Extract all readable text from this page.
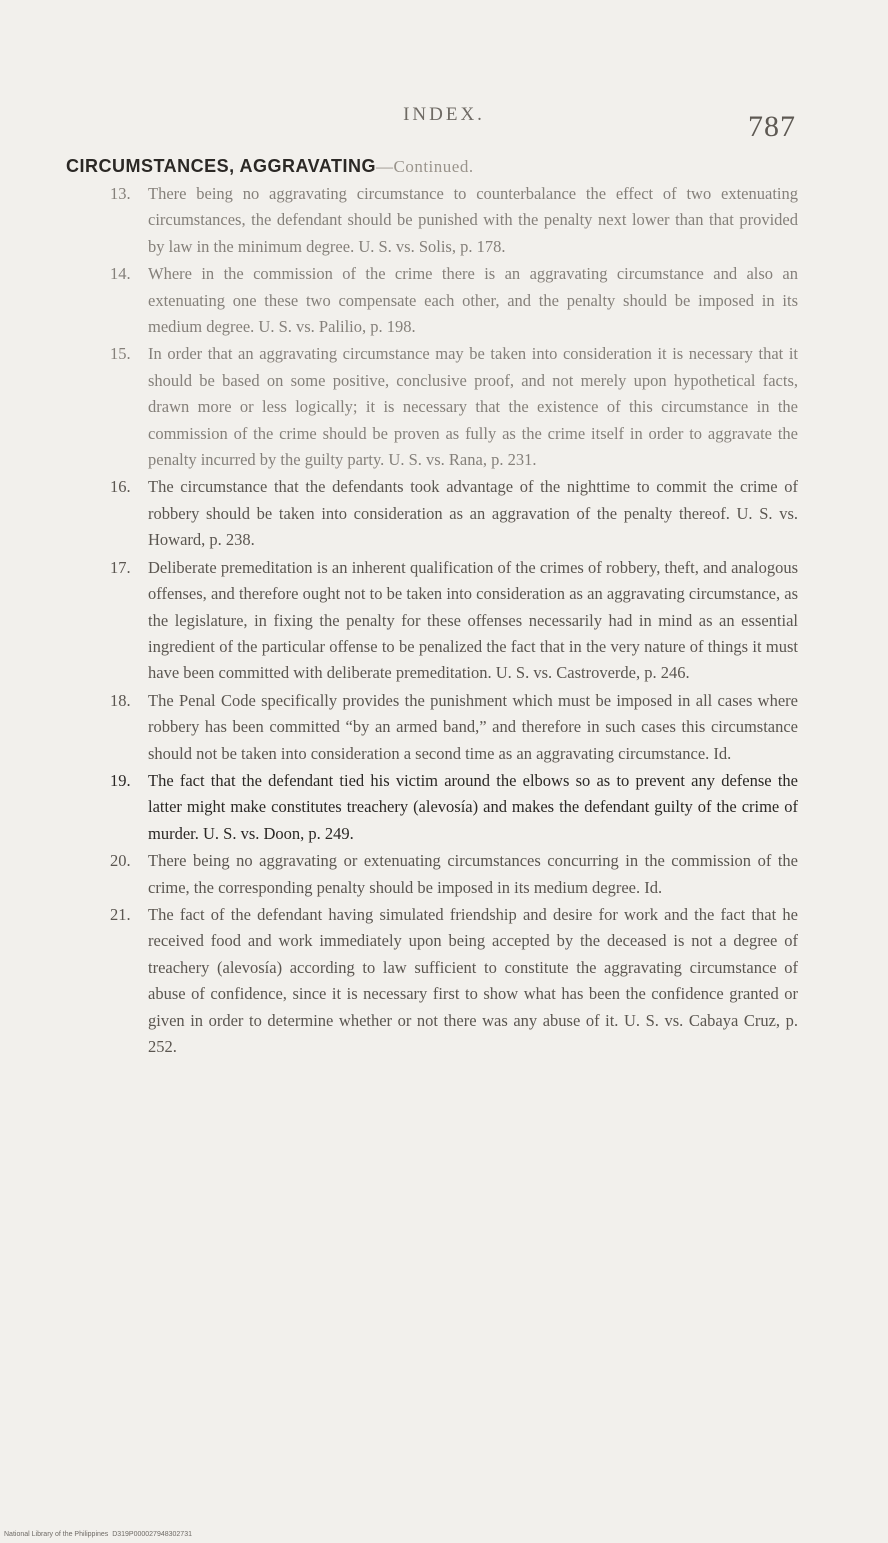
INDEX.	787
CIRCUMSTANCES, AGGRAVATING—Continued.
13. There being no aggravating circumstance to counterbalance the effect of two extenuating circumstances, the defendant should be punished with the penalty next lower than that provided by law in the minimum degree. U. S. vs. Solis, p. 178.
14. Where in the commission of the crime there is an aggravating circumstance and also an extenuating one these two compensate each other, and the penalty should be imposed in its medium degree. U. S. vs. Palilio, p. 198.
15. In order that an aggravating circumstance may be taken into consideration it is necessary that it should be based on some positive, conclusive proof, and not merely upon hypothetical facts, drawn more or less logically; it is necessary that the existence of this circumstance in the commission of the crime should be proven as fully as the crime itself in order to aggravate the penalty incurred by the guilty party. U. S. vs. Rana, p. 231.
16. The circumstance that the defendants took advantage of the nighttime to commit the crime of robbery should be taken into consideration as an aggravation of the penalty thereof. U. S. vs. Howard, p. 238.
17. Deliberate premeditation is an inherent qualification of the crimes of robbery, theft, and analogous offenses, and therefore ought not to be taken into consideration as an aggravating circumstance, as the legislature, in fixing the penalty for these offenses necessarily had in mind as an essential ingredient of the particular offense to be penalized the fact that in the very nature of things it must have been committed with deliberate premeditation. U. S. vs. Castroverde, p. 246.
18. The Penal Code specifically provides the punishment which must be imposed in all cases where robbery has been committed “by an armed band,” and therefore in such cases this circumstance should not be taken into consideration a second time as an aggravating circumstance. Id.
19. The fact that the defendant tied his victim around the elbows so as to prevent any defense the latter might make constitutes treachery (alevosía) and makes the defendant guilty of the crime of murder. U. S. vs. Doon, p. 249.
20. There being no aggravating or extenuating circumstances concurring in the commission of the crime, the corresponding penalty should be imposed in its medium degree. Id.
21. The fact of the defendant having simulated friendship and desire for work and the fact that he received food and work immediately upon being accepted by the deceased is not a degree of treachery (alevosía) according to law sufficient to constitute the aggravating circumstance of abuse of confidence, since it is necessary first to show what has been the confidence granted or given in order to determine whether or not there was any abuse of it. U. S. vs. Cabaya Cruz, p. 252.
National Library of the Philippines D319P000027948302731
